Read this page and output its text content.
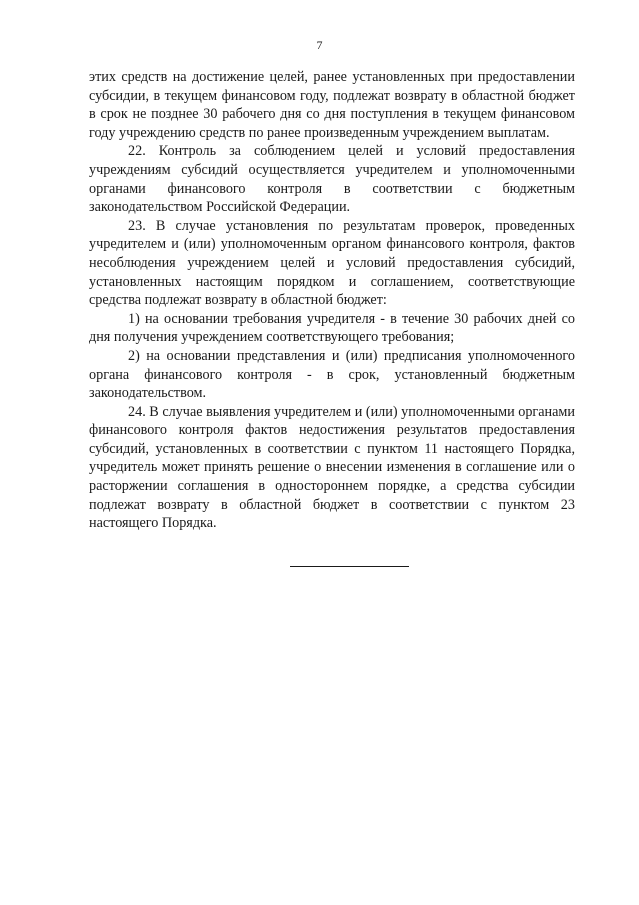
7

этих средств на достижение целей, ранее установленных при предоставлении субсидии, в текущем финансовом году, подлежат возврату в областной бюджет в срок не позднее 30 рабочего дня со дня поступления в текущем финансовом году учреждению средств по ранее произведенным учреждением выплатам.

22. Контроль за соблюдением целей и условий предоставления учреждениям субсидий осуществляется учредителем и уполномоченными органами финансового контроля в соответствии с бюджетным законодательством Российской Федерации.

23. В случае установления по результатам проверок, проведенных учредителем и (или) уполномоченным органом финансового контроля, фактов несоблюдения учреждением целей и условий предоставления субсидий, установленных настоящим порядком и соглашением, соответствующие средства подлежат возврату в областной бюджет:

1) на основании требования учредителя - в течение 30 рабочих дней со дня получения учреждением соответствующего требования;

2) на основании представления и (или) предписания уполномоченного органа финансового контроля - в срок, установленный бюджетным законодательством.

24. В случае выявления учредителем и (или) уполномоченными органами финансового контроля фактов недостижения результатов предоставления субсидий, установленных в соответствии с пунктом 11 настоящего Порядка, учредитель может принять решение о внесении изменения в соглашение или о расторжении соглашения в одностороннем порядке, а средства субсидии подлежат возврату в областной бюджет в соответствии с пунктом 23 настоящего Порядка.
